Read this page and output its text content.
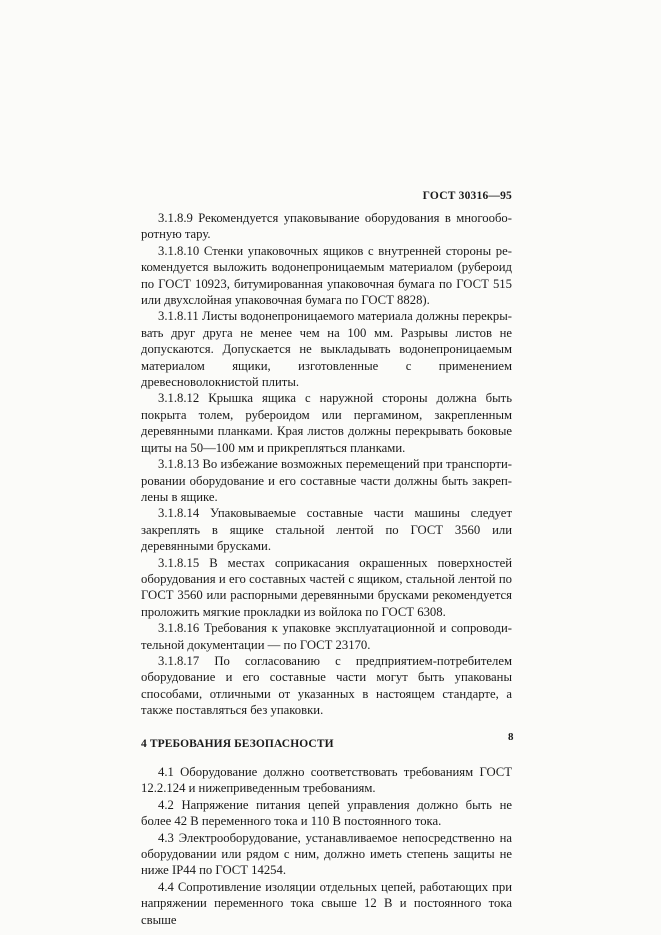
ГОСТ 30316—95

3.1.8.9 Рекомендуется упаковывание оборудования в многооборотную тару.

3.1.8.10 Стенки упаковочных ящиков с внутренней стороны рекомендуется выложить водонепроницаемым материалом (рубероид по ГОСТ 10923, битумированная упаковочная бумага по ГОСТ 515 или двухслойная упаковочная бумага по ГОСТ 8828).

3.1.8.11 Листы водонепроницаемого материала должны перекрывать друг друга не менее чем на 100 мм. Разрывы листов не допускаются. Допускается не выкладывать водонепроницаемым материалом ящики, изготовленные с применением древесноволокнистой плиты.

3.1.8.12 Крышка ящика с наружной стороны должна быть покрыта толем, рубероидом или пергамином, закрепленным деревянными планками. Края листов должны перекрывать боковые щиты на 50—100 мм и прикрепляться планками.

3.1.8.13 Во избежание возможных перемещений при транспортировании оборудование и его составные части должны быть закреплены в ящике.

3.1.8.14 Упаковываемые составные части машины следует закреплять в ящике стальной лентой по ГОСТ 3560 или деревянными брусками.

3.1.8.15 В местах соприкасания окрашенных поверхностей оборудования и его составных частей с ящиком, стальной лентой по ГОСТ 3560 или распорными деревянными брусками рекомендуется проложить мягкие прокладки из войлока по ГОСТ 6308.

3.1.8.16 Требования к упаковке эксплуатационной и сопроводительной документации — по ГОСТ 23170.

3.1.8.17 По согласованию с предприятием-потребителем оборудование и его составные части могут быть упакованы способами, отличными от указанных в настоящем стандарте, а также поставляться без упаковки.

4 ТРЕБОВАНИЯ БЕЗОПАСНОСТИ

4.1 Оборудование должно соответствовать требованиям ГОСТ 12.2.124 и нижеприведенным требованиям.

4.2 Напряжение питания цепей управления должно быть не более 42 В переменного тока и 110 В постоянного тока.

4.3 Электрооборудование, устанавливаемое непосредственно на оборудовании или рядом с ним, должно иметь степень защиты не ниже IP44 по ГОСТ 14254.

4.4 Сопротивление изоляции отдельных цепей, работающих при напряжении переменного тока свыше 12 В и постоянного тока свыше

8
